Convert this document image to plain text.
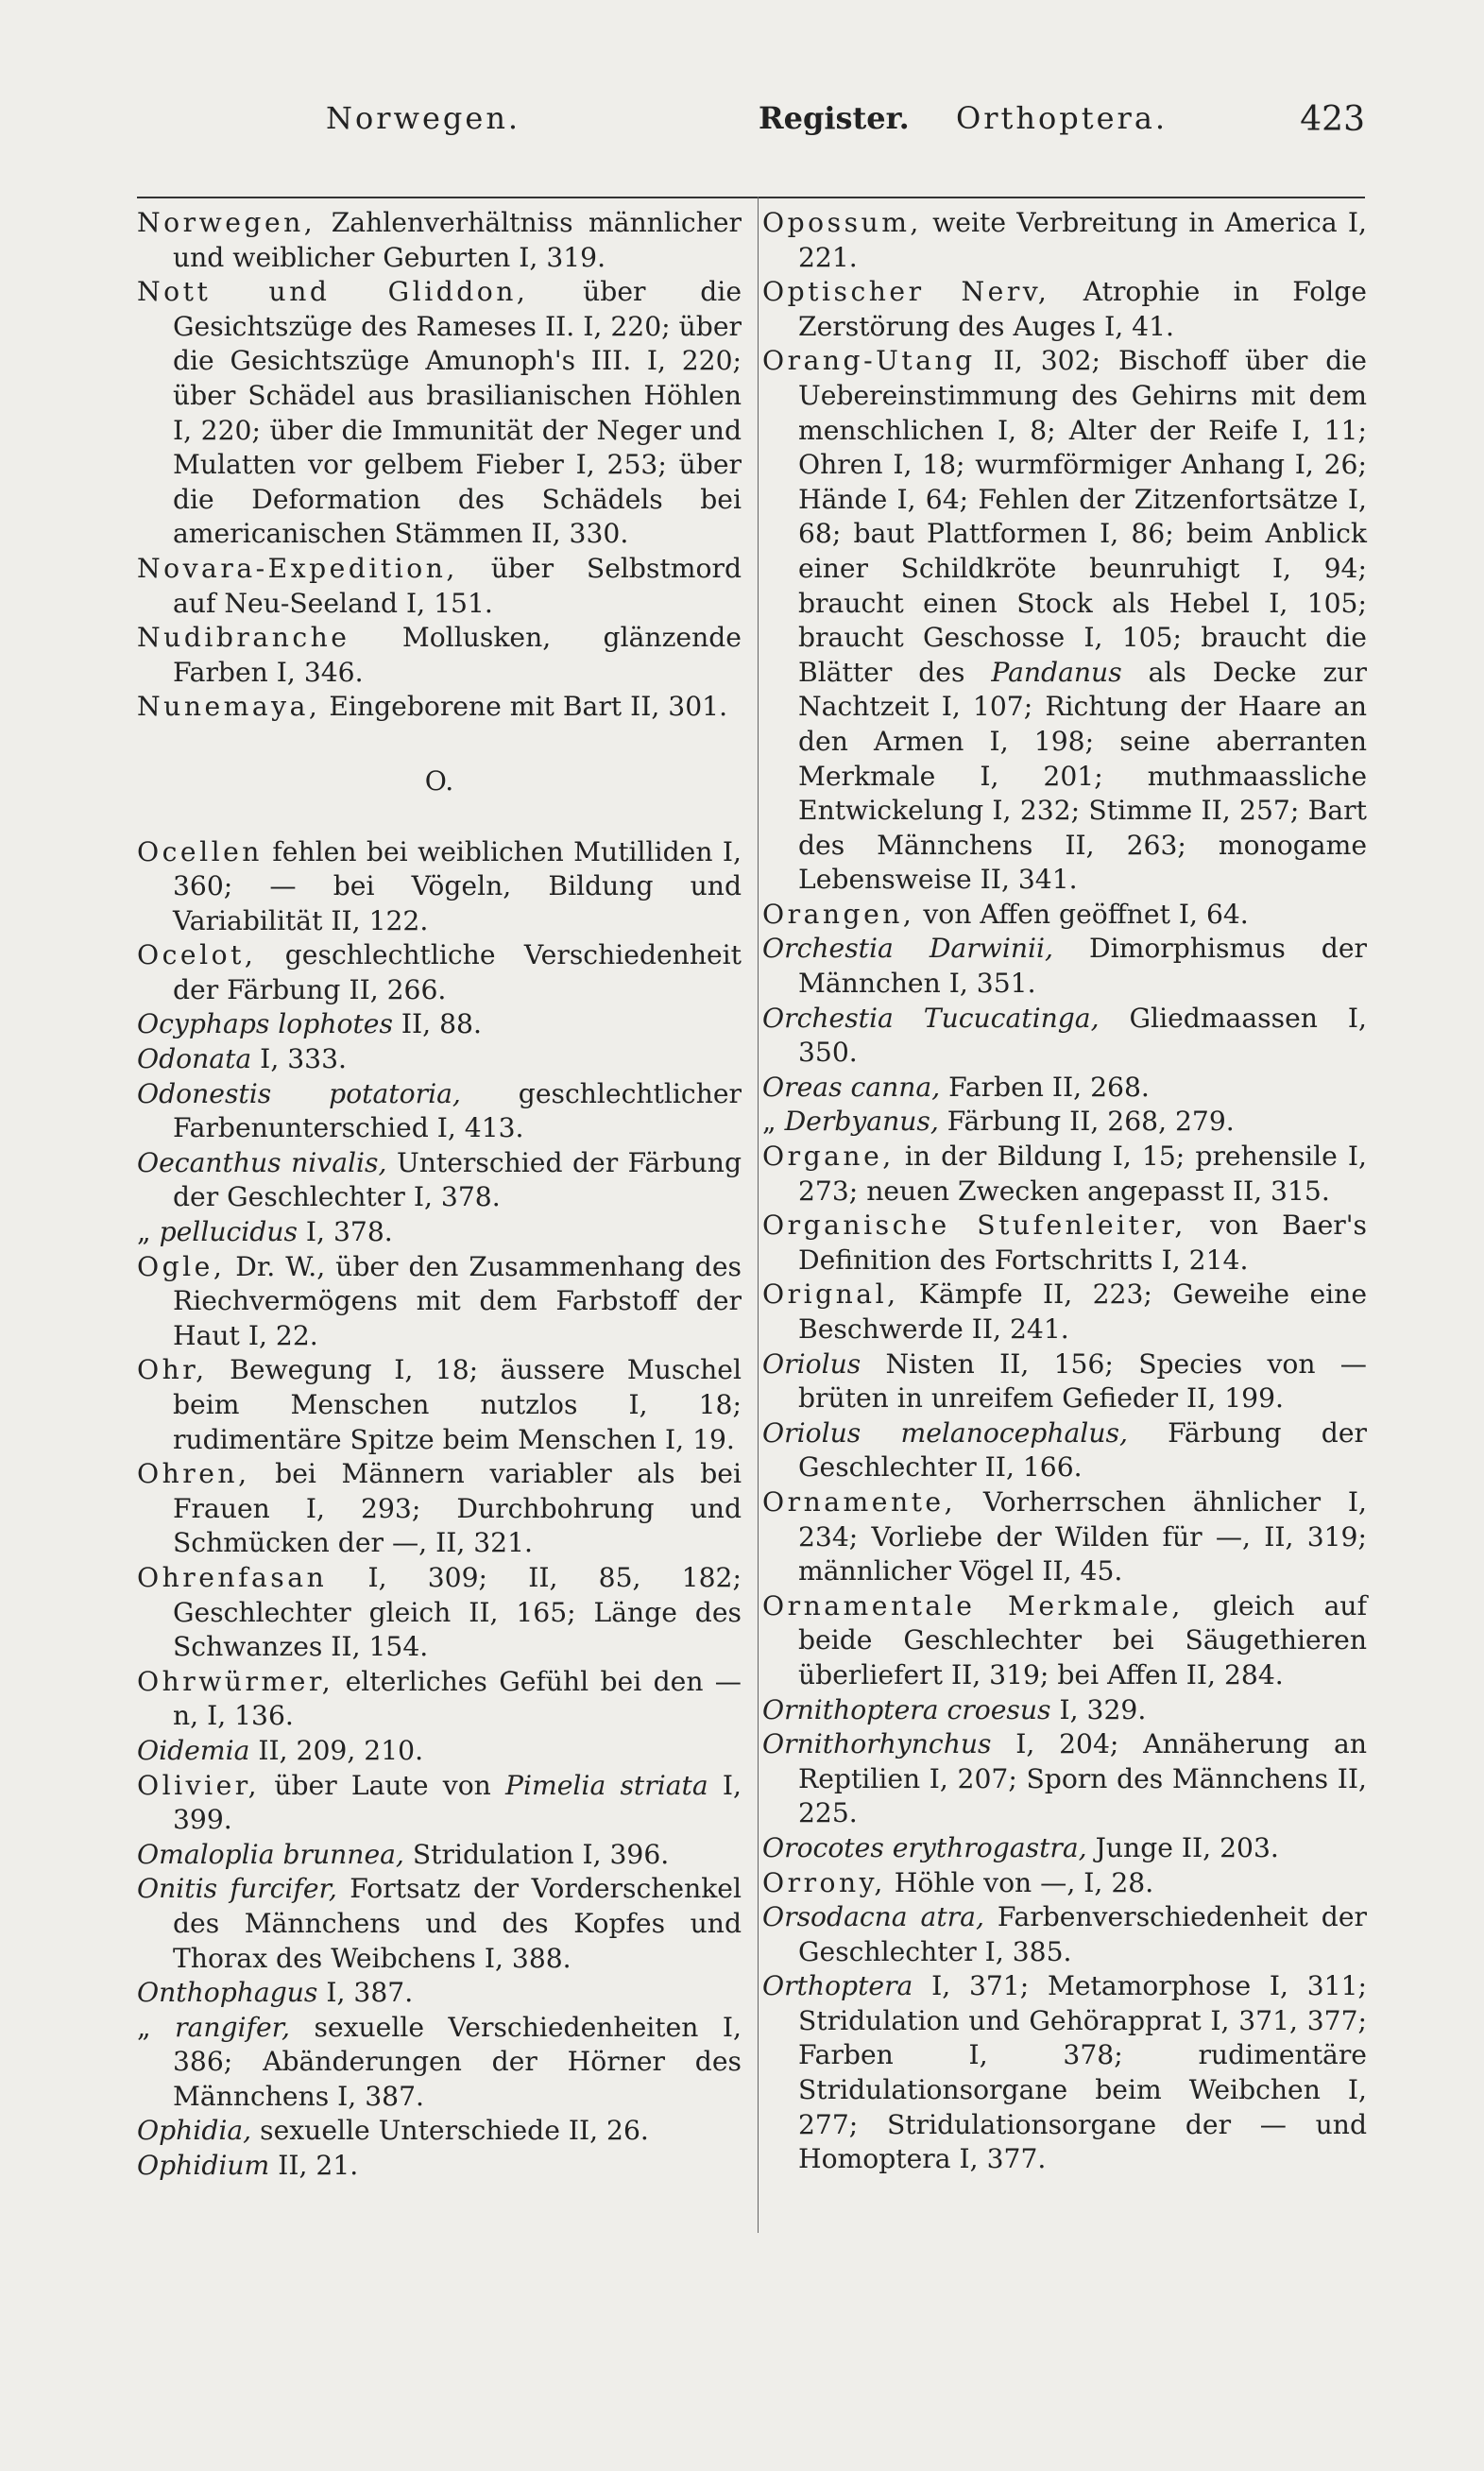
Norwegen.	Register. Orthoptera.	423

Norwegen, Zahlenverhältniss männlicher und weiblicher Geburten I, 319.

Nott und Gliddon, über die Gesichtszüge des Rameses II. I, 220; über die Gesichtszüge Amunoph's III. I, 220; über Schädel aus brasilianischen Höhlen I, 220; über die Immunität der Neger und Mulatten vor gelbem Fieber I, 253; über die Deformation des Schädels bei americanischen Stämmen II, 330.

Novara-Expedition, über Selbstmord auf Neu-Seeland I, 151.

Nudibranche Mollusken, glänzende Farben I, 346.

Nunemaya, Eingeborene mit Bart II, 301.

O.

Ocellen fehlen bei weiblichen Mutilliden I, 360; — bei Vögeln, Bildung und Variabilität II, 122.

Ocelot, geschlechtliche Verschiedenheit der Färbung II, 266.

Ocyphaps lophotes II, 88.

Odonata I, 333.

Odonestis potatoria, geschlechtlicher Farbenunterschied I, 413.

Oecanthus nivalis, Unterschied der Färbung der Geschlechter I, 378.

„ pellucidus I, 378.

Ogle, Dr. W., über den Zusammenhang des Riechvermögens mit dem Farbstoff der Haut I, 22.

Ohr, Bewegung I, 18; äussere Muschel beim Menschen nutzlos I, 18; rudimentäre Spitze beim Menschen I, 19.

Ohren, bei Männern variabler als bei Frauen I, 293; Durchbohrung und Schmücken der —, II, 321.

Ohrenfasan I, 309; II, 85, 182; Geschlechter gleich II, 165; Länge des Schwanzes II, 154.

Ohrwürmer, elterliches Gefühl bei den —n, I, 136.

Oidemia II, 209, 210.

Olivier, über Laute von Pimelia striata I, 399.

Omaloplia brunnea, Stridulation I, 396.

Onitis furcifer, Fortsatz der Vorderschenkel des Männchens und des Kopfes und Thorax des Weibchens I, 388.

Onthophagus I, 387.

„ rangifer, sexuelle Verschiedenheiten I, 386; Abänderungen der Hörner des Männchens I, 387.

Ophidia, sexuelle Unterschiede II, 26.

Ophidium II, 21.

Opossum, weite Verbreitung in America I, 221.

Optischer Nerv, Atrophie in Folge Zerstörung des Auges I, 41.

Orang-Utang II, 302; Bischoff über die Uebereinstimmung des Gehirns mit dem menschlichen I, 8; Alter der Reife I, 11; Ohren I, 18; wurmförmiger Anhang I, 26; Hände I, 64; Fehlen der Zitzenfortsätze I, 68; baut Plattformen I, 86; beim Anblick einer Schildkröte beunruhigt I, 94; braucht einen Stock als Hebel I, 105; braucht Geschosse I, 105; braucht die Blätter des Pandanus als Decke zur Nachtzeit I, 107; Richtung der Haare an den Armen I, 198; seine aberranten Merkmale I, 201; muthmaassliche Entwickelung I, 232; Stimme II, 257; Bart des Männchens II, 263; monogame Lebensweise II, 341.

Orangen, von Affen geöffnet I, 64.

Orchestia Darwinii, Dimorphismus der Männchen I, 351.

Orchestia Tucucatinga, Gliedmaassen I, 350.

Oreas canna, Farben II, 268.

„ Derbyanus, Färbung II, 268, 279.

Organe, in der Bildung I, 15; prehensile I, 273; neuen Zwecken angepasst II, 315.

Organische Stufenleiter, von Baer's Definition des Fortschritts I, 214.

Orignal, Kämpfe II, 223; Geweihe eine Beschwerde II, 241.

Oriolus Nisten II, 156; Species von — brüten in unreifem Gefieder II, 199.

Oriolus melanocephalus, Färbung der Geschlechter II, 166.

Ornamente, Vorherrschen ähnlicher I, 234; Vorliebe der Wilden für —, II, 319; männlicher Vögel II, 45.

Ornamentale Merkmale, gleich auf beide Geschlechter bei Säugethieren überliefert II, 319; bei Affen II, 284.

Ornithoptera croesus I, 329.

Ornithorhynchus I, 204; Annäherung an Reptilien I, 207; Sporn des Männchens II, 225.

Orocotes erythrogastra, Junge II, 203.

Orrony, Höhle von —, I, 28.

Orsodacna atra, Farbenverschiedenheit der Geschlechter I, 385.

Orthoptera I, 371; Metamorphose I, 311; Stridulation und Gehörapprat I, 371, 377; Farben I, 378; rudimentäre Stridulationsorgane beim Weibchen I, 277; Stridulationsorgane der — und Homoptera I, 377.
